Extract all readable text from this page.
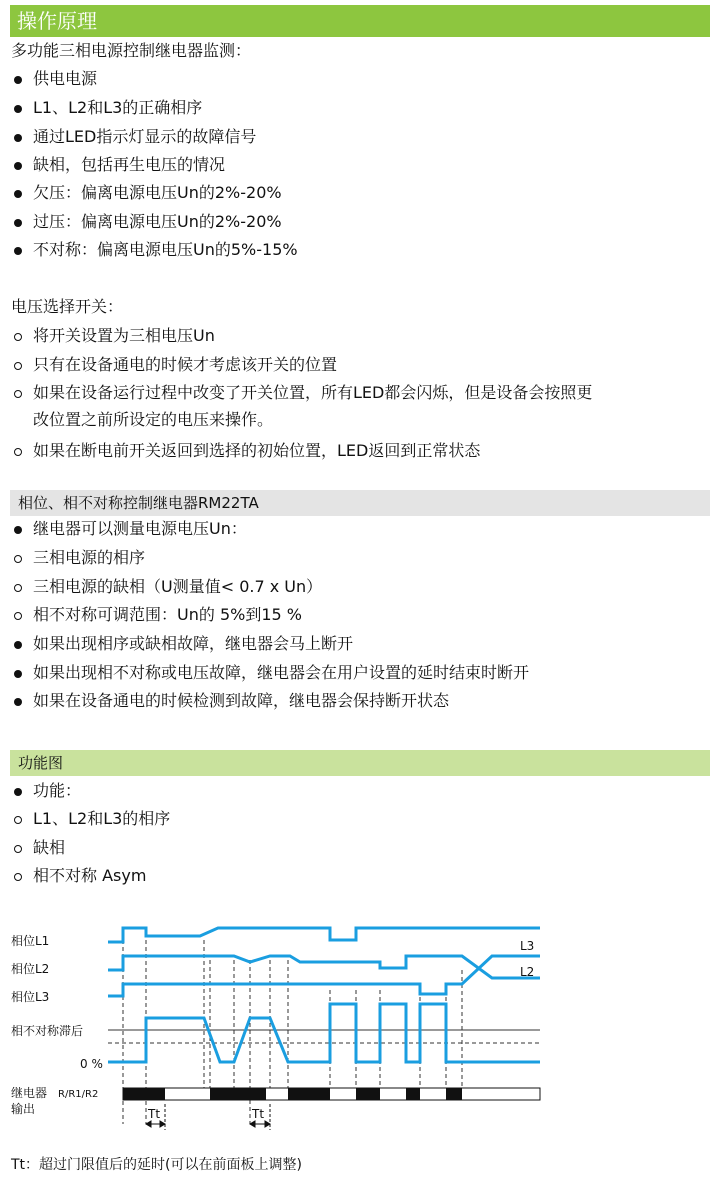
操作原理
多功能三相电源控制继电器监测：
供电电源
L1、L2和L3的正确相序
通过LED指示灯显示的故障信号
缺相，包括再生电压的情况
欠压：偏离电源电压Un的2%-20%
过压：偏离电源电压Un的2%-20%
不对称：偏离电源电压Un的5%-15%
电压选择开关：
将开关设置为三相电压Un
只有在设备通电的时候才考虑该开关的位置
如果在设备运行过程中改变了开关位置，所有LED都会闪烁，但是设备会按照更
改位置之前所设定的电压来操作。
如果在断电前开关返回到选择的初始位置，LED返回到正常状态
相位、相不对称控制继电器RM22TA
继电器可以测量电源电压Un：
三相电源的相序
三相电源的缺相（U测量值< 0.7 x Un）
相不对称可调范围：Un的 5%到15 %
如果出现相序或缺相故障，继电器会马上断开
如果出现相不对称或电压故障，继电器会在用户设置的延时结束时断开
如果在设备通电的时候检测到故障，继电器会保持断开状态
功能图
功能：
L1、L2和L3的相序
缺相
相不对称 Asym
相位L1
相位L2
相位L3
相不对称滞后
0 %
继电器 R/R1/R2
输出
L3
L2
Tt	Tt
Tt：超过门限值后的延时(可以在前面板上调整)
